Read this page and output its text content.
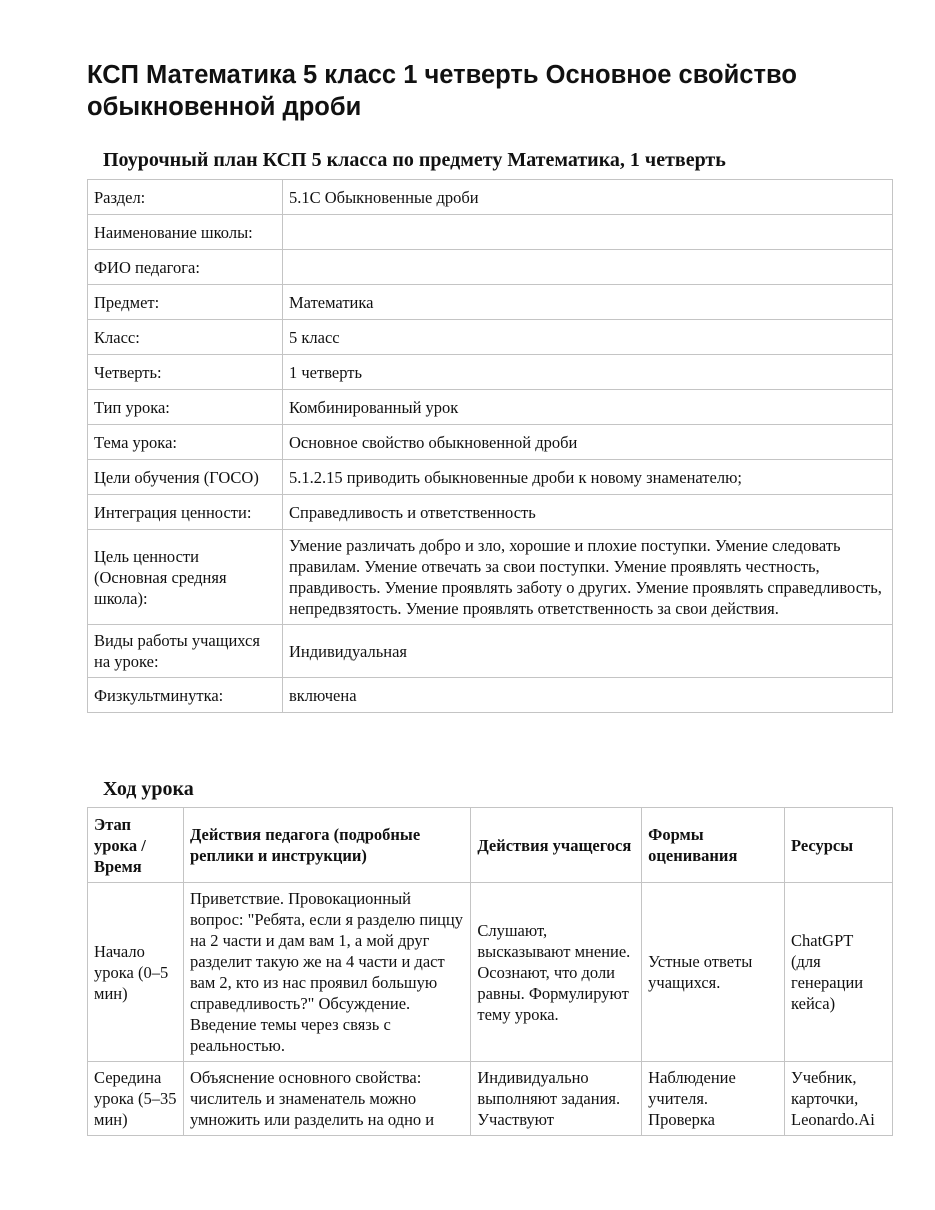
КСП Математика 5 класс 1 четверть Основное свойство обыкновенной дроби
Поурочный план КСП 5 класса по предмету Математика, 1 четверть
Раздел:	5.1С Обыкновенные дроби
Наименование школы:	
ФИО педагога:	
Предмет:	Математика
Класс:	5 класс
Четверть:	1 четверть
Тип урока:	Комбинированный урок
Тема урока:	Основное свойство обыкновенной дроби
Цели обучения (ГОСО)	5.1.2.15 приводить обыкновенные дроби к новому знаменателю;
Интеграция ценности:	Справедливость и ответственность
Цель ценности (Основная средняя школа):	Умение различать добро и зло, хорошие и плохие поступки. Умение следовать правилам. Умение отвечать за свои поступки. Умение проявлять честность, правдивость. Умение проявлять заботу о других. Умение проявлять справедливость, непредвзятость. Умение проявлять ответственность за свои действия.
Виды работы учащихся на уроке:	Индивидуальная
Физкультминутка:	включена
Ход урока
Этап урока / Время	Действия педагога (подробные реплики и инструкции)	Действия учащегося	Формы оценивания	Ресурсы
Начало урока (0–5 мин)	Приветствие. Провокационный вопрос: "Ребята, если я разделю пиццу на 2 части и дам вам 1, а мой друг разделит такую же на 4 части и даст вам 2, кто из нас проявил большую справедливость?" Обсуждение. Введение темы через связь с реальностью.	Слушают, высказывают мнение. Осознают, что доли равны. Формулируют тему урока.	Устные ответы учащихся.	ChatGPT (для генерации кейса)
Середина урока (5–35 мин)	Объяснение основного свойства: числитель и знаменатель можно умножить или разделить на одно и	Индивидуально выполняют задания. Участвуют	Наблюдение учителя. Проверка	Учебник, карточки, Leonardo.Ai
